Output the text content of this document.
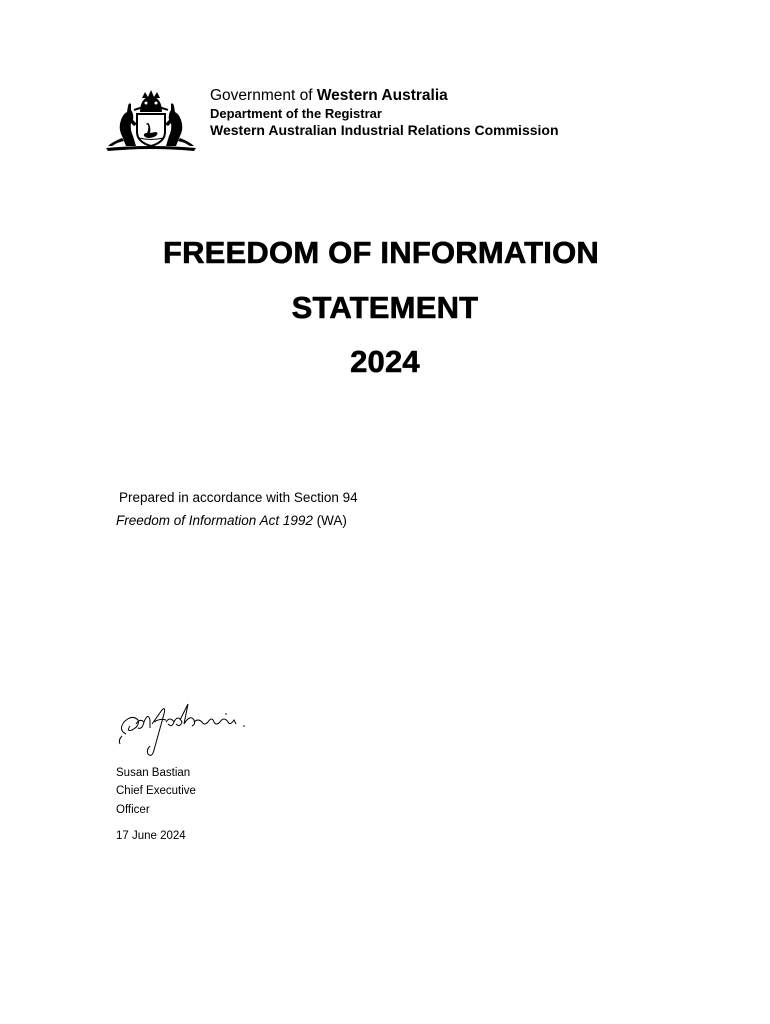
Government of Western Australia
Department of the Registrar
Western Australian Industrial Relations Commission
FREEDOM OF INFORMATION
STATEMENT
2024
Prepared in accordance with Section 94
Freedom of Information Act 1992 (WA)
Susan Bastian
Chief Executive
Officer
17 June 2024
